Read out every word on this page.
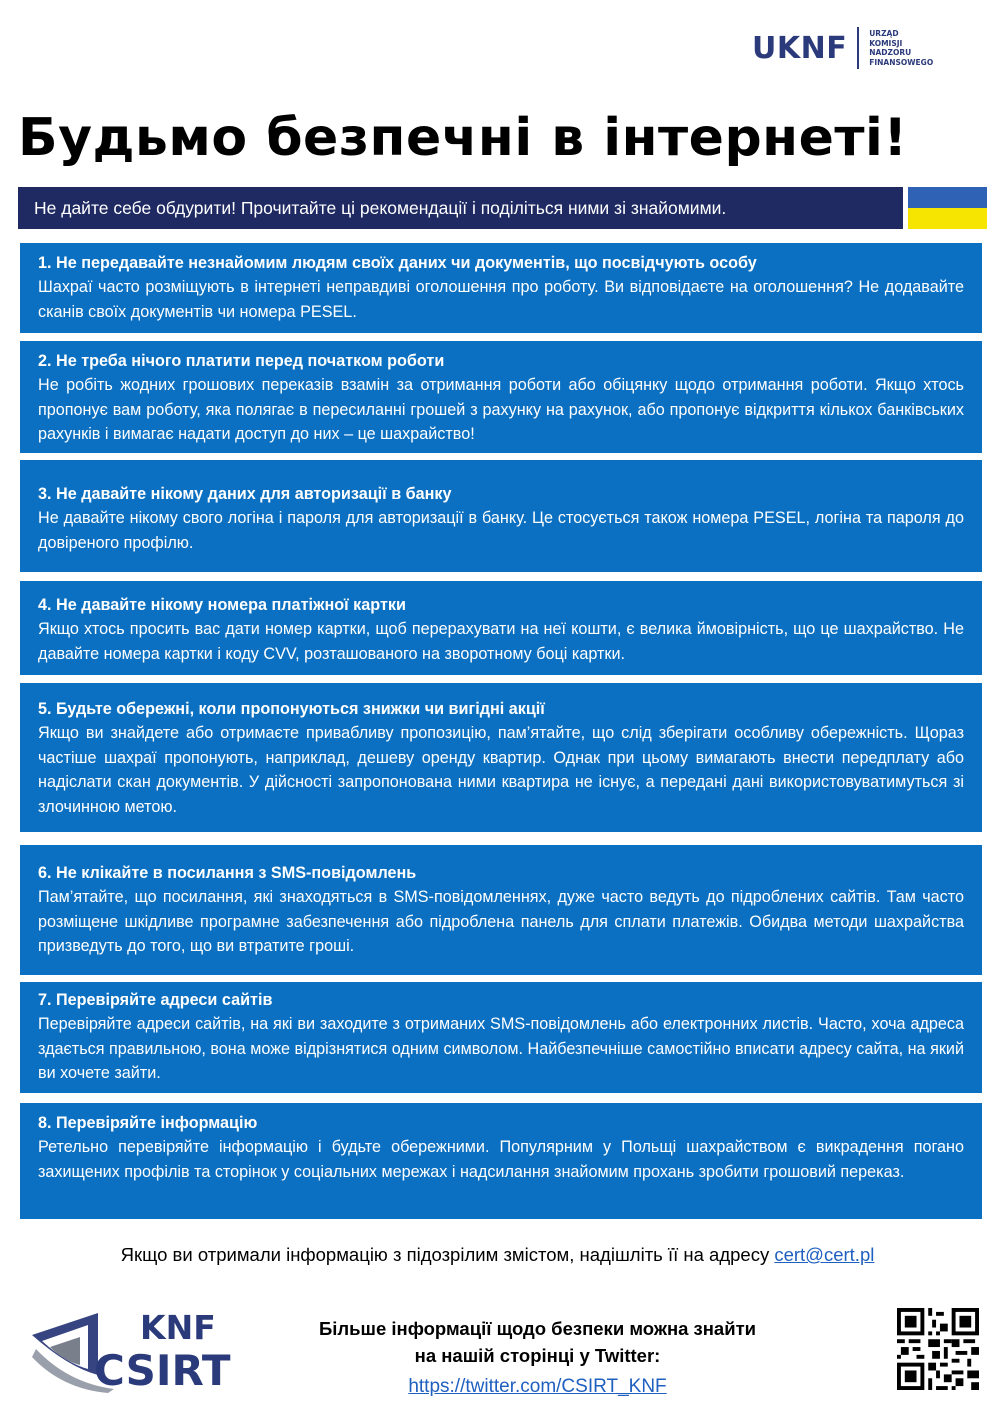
UKNF	URZĄD
KOMISJI
NADZORU
FINANSOWEGO
Будьмо безпечні в інтернеті!
Не дайте себе обдурити! Прочитайте ці рекомендації і поділіться ними зі знайомими.
1. Не передавайте незнайомим людям своїх даних чи документів, що посвідчують особу

Шахраї часто розміщують в інтернеті неправдиві оголошення про роботу. Ви відповідаєте на оголошення? Не додавайте сканів своїх документів чи номера PESEL.

2. Не треба нічого платити перед початком роботи

Не робіть жодних грошових переказів взамін за отримання роботи або обіцянку щодо отримання роботи. Якщо хтось пропонує вам роботу, яка полягає в пересиланні грошей з рахунку на рахунок, або пропонує відкриття кількох банківських рахунків і вимагає надати доступ до них – це шахрайство!

3. Не давайте нікому даних для авторизації в банку

Не давайте нікому свого логіна і пароля для авторизації в банку. Це стосується також номера PESEL, логіна та пароля до довіреного профілю.

4. Не давайте нікому номера платіжної картки

Якщо хтось просить вас дати номер картки, щоб перерахувати на неї кошти, є велика ймовірність, що це шахрайство. Не давайте номера картки і коду CVV, розташованого на зворотному боці картки.

5. Будьте обережні, коли пропонуються знижки чи вигідні акції

Якщо ви знайдете або отримаєте привабливу пропозицію, пам’ятайте, що слід зберігати особливу обережність. Щораз частіше шахраї пропонують, наприклад, дешеву оренду квартир. Однак при цьому вимагають внести передплату або надіслати скан документів. У дійсності запропонована ними квартира не існує, а передані дані використовуватимуться зі злочинною метою.

6. Не клікайте в посилання з SMS-повідомлень

Пам’ятайте, що посилання, які знаходяться в SMS-повідомленнях, дуже часто ведуть до підроблених сайтів. Там часто розміщене шкідливе програмне забезпечення або підроблена панель для сплати платежів. Обидва методи шахрайства призведуть до того, що ви втратите гроші.

7. Перевіряйте адреси сайтів

Перевіряйте адреси сайтів, на які ви заходите з отриманих SMS-повідомлень або електронних листів. Часто, хоча адреса здається правильною, вона може відрізнятися одним символом. Найбезпечніше самостійно вписати адресу сайта, на який ви хочете зайти.

8. Перевіряйте інформацію

Ретельно перевіряйте інформацію і будьте обережними. Популярним у Польщі шахрайством є викрадення погано захищених профілів та сторінок у соціальних мережах і надсилання знайомим прохань зробити грошовий переказ.

Якщо ви отримали інформацію з підозрілим змістом, надішліть її на адресу cert@cert.pl
KNF
CSIRT
Більше інформації щодо безпеки можна знайти
на нашій сторінці у Twitter:
https://twitter.com/CSIRT_KNF
